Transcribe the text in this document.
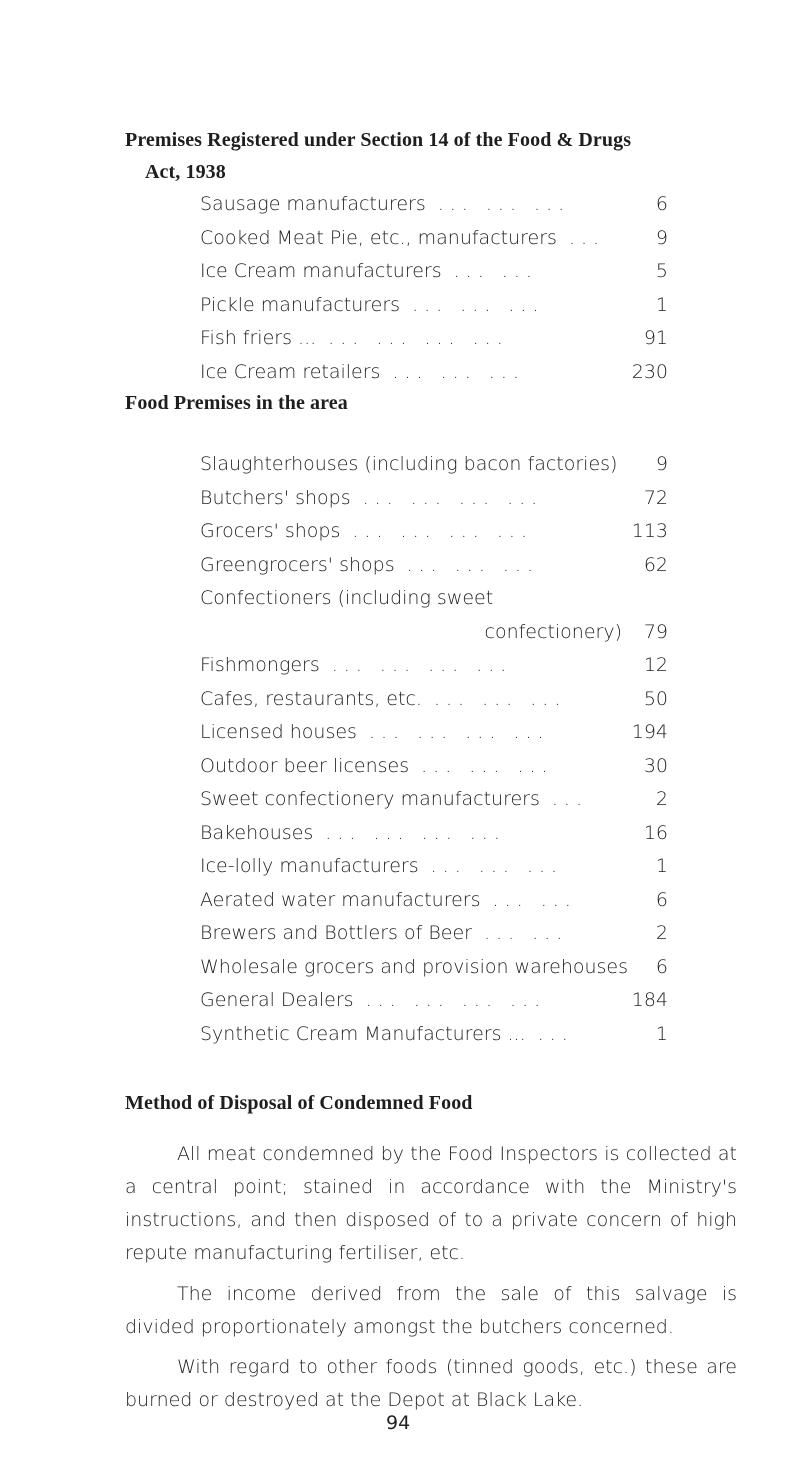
Premises Registered under Section 14 of the Food & Drugs
Act, 1938
Sausage manufacturers ... ... ...	6
Cooked Meat Pie, etc., manufacturers ...	9
Ice Cream manufacturers ... ...	5
Pickle manufacturers ... ... ...	1
Fish friers ... ... ... ... ...	91
Ice Cream retailers ... ... ...	230
Food Premises in the area
Slaughterhouses (including bacon factories) 9
Butchers' shops ... ... ... ...	72
Grocers' shops ... ... ... ...	113
Greengrocers' shops ... ... ...	62
Confectioners (including sweet
confectionery) 79
Fishmongers ... ... ... ...	12
Cafes, restaurants, etc. ... ... ...	50
Licensed houses ... ... ... ...	194
Outdoor beer licenses ... ... ...	30
Sweet confectionery manufacturers ...	2
Bakehouses ... ... ... ...	16
Ice-lolly manufacturers ... ... ...	1
Aerated water manufacturers ... ...	6
Brewers and Bottlers of Beer ... ...	2
Wholesale grocers and provision warehouses 6
General Dealers ... ... ... ...	184
Synthetic Cream Manufacturers ... ...	1
Method of Disposal of Condemned Food

All meat condemned by the Food Inspectors is collected at a central point; stained in accordance with the Ministry's instructions, and then disposed of to a private concern of high repute manufacturing fertiliser, etc.

The income derived from the sale of this salvage is divided proportionately amongst the butchers concerned.

With regard to other foods (tinned goods, etc.) these are burned or destroyed at the Depot at Black Lake.

94
